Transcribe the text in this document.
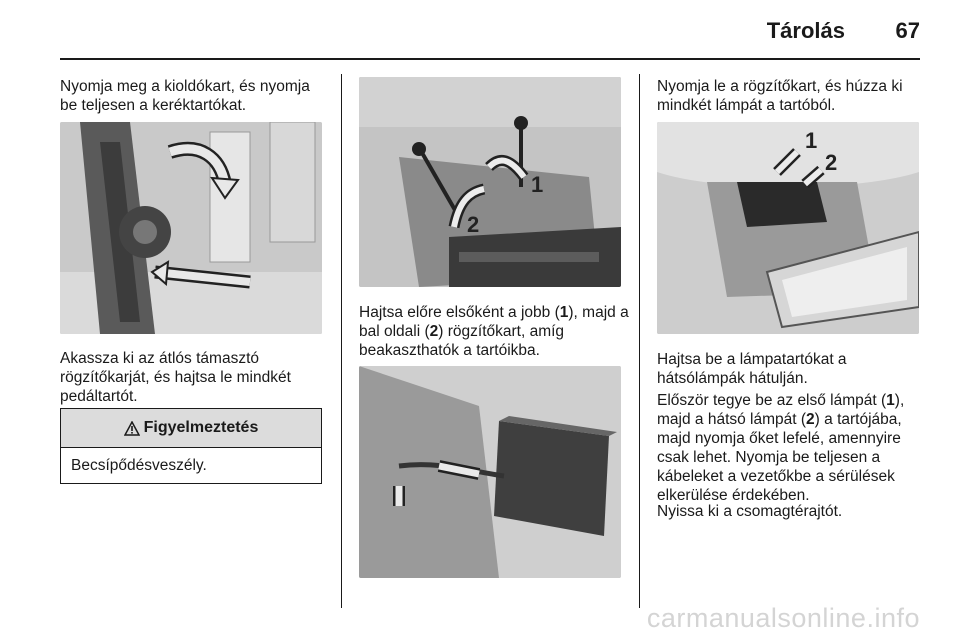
Tárolás 67
Nyomja meg a kioldókart, és nyomja be teljesen a keréktartókat.
Akassza ki az átlós támasztó rögzítőkarját, és hajtsa le mindkét pedáltartót.
Figyelmeztetés
Becsípődésveszély.
1
2
Hajtsa előre elsőként a jobb (1), majd a bal oldali (2) rögzítőkart, amíg beakaszthatók a tartóikba.
Nyomja le a rögzítőkart, és húzza ki mindkét lámpát a tartóból.
1
2
Hajtsa be a lámpatartókat a hátsólámpák hátulján.
Először tegye be az első lámpát (1), majd a hátsó lámpát (2) a tartójába, majd nyomja őket lefelé, amennyire csak lehet. Nyomja be teljesen a kábeleket a vezetőkbe a sérülések elkerülése érdekében.
Nyissa ki a csomagtérajtót.
carmanualsonline.info
